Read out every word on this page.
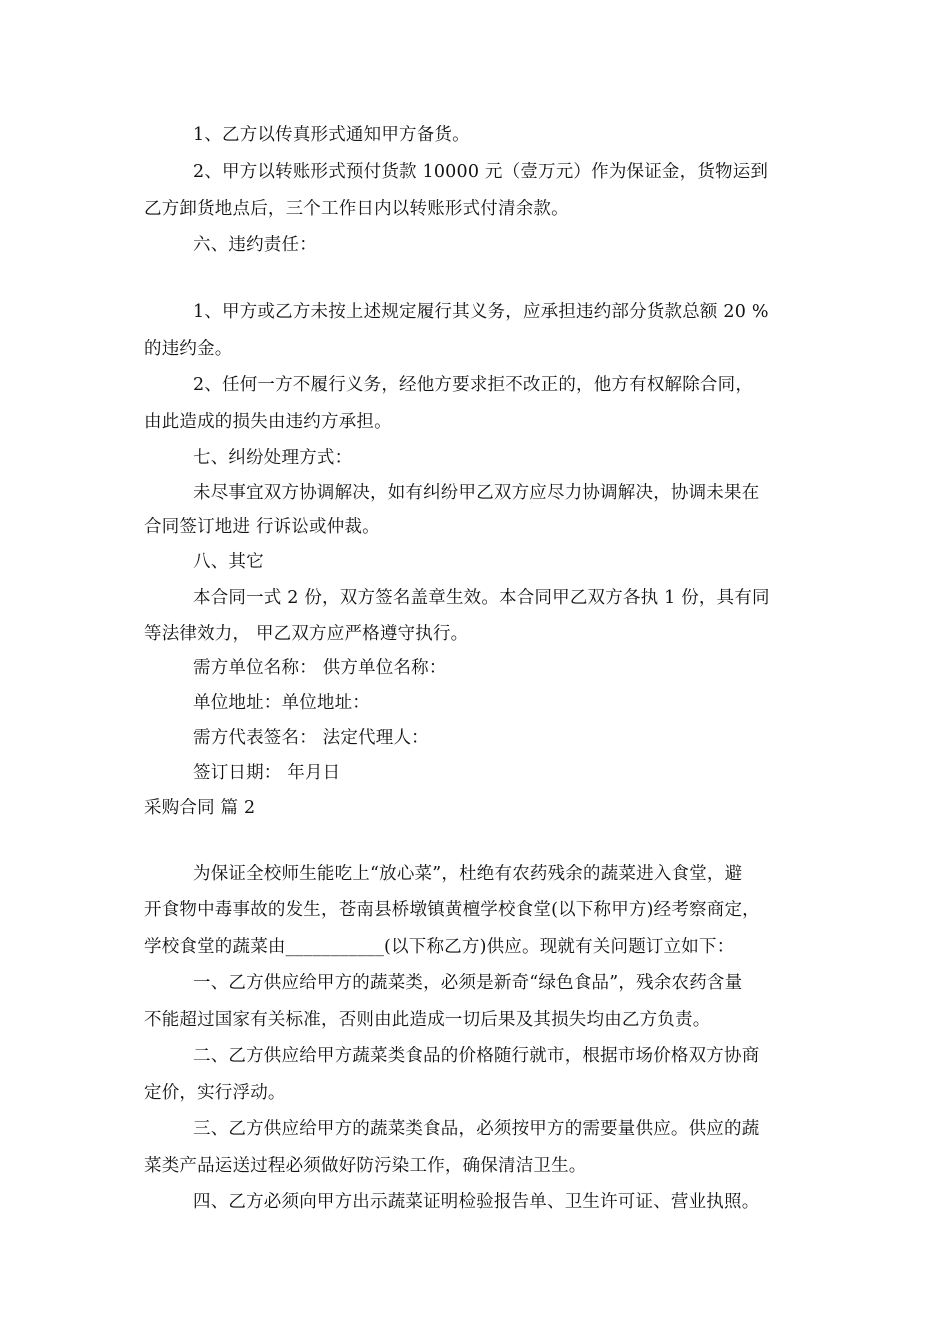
1、乙方以传真形式通知甲方备货。
2、甲方以转账形式预付货款 10000 元（壹万元）作为保证金，货物运到
乙方卸货地点后，三个工作日内以转账形式付清余款。
六、违约责任：
1、甲方或乙方未按上述规定履行其义务，应承担违约部分货款总额 20 %
的违约金。
2、任何一方不履行义务，经他方要求拒不改正的，他方有权解除合同，
由此造成的损失由违约方承担。
七、纠纷处理方式：
未尽事宜双方协调解决，如有纠纷甲乙双方应尽力协调解决，协调未果在
合同签订地进 行诉讼或仲裁。
八、其它
本合同一式 2 份，双方签名盖章生效。本合同甲乙双方各执 1 份，具有同
等法律效力， 甲乙双方应严格遵守执行。
需方单位名称： 供方单位名称：
单位地址：单位地址：
需方代表签名： 法定代理人：
签订日期： 年月日
采购合同 篇 2
为保证全校师生能吃上“放心菜”，杜绝有农药残余的蔬菜进入食堂，避
开食物中毒事故的发生，苍南县桥墩镇黄檀学校食堂(以下称甲方)经考察商定，
学校食堂的蔬菜由___________(以下称乙方)供应。现就有关问题订立如下：
一、乙方供应给甲方的蔬菜类，必须是新奇“绿色食品”，残余农药含量
不能超过国家有关标准，否则由此造成一切后果及其损失均由乙方负责。
二、乙方供应给甲方蔬菜类食品的价格随行就市，根据市场价格双方协商
定价，实行浮动。
三、乙方供应给甲方的蔬菜类食品，必须按甲方的需要量供应。供应的蔬
菜类产品运送过程必须做好防污染工作，确保清洁卫生。
四、乙方必须向甲方出示蔬菜证明检验报告单、卫生许可证、营业执照。
